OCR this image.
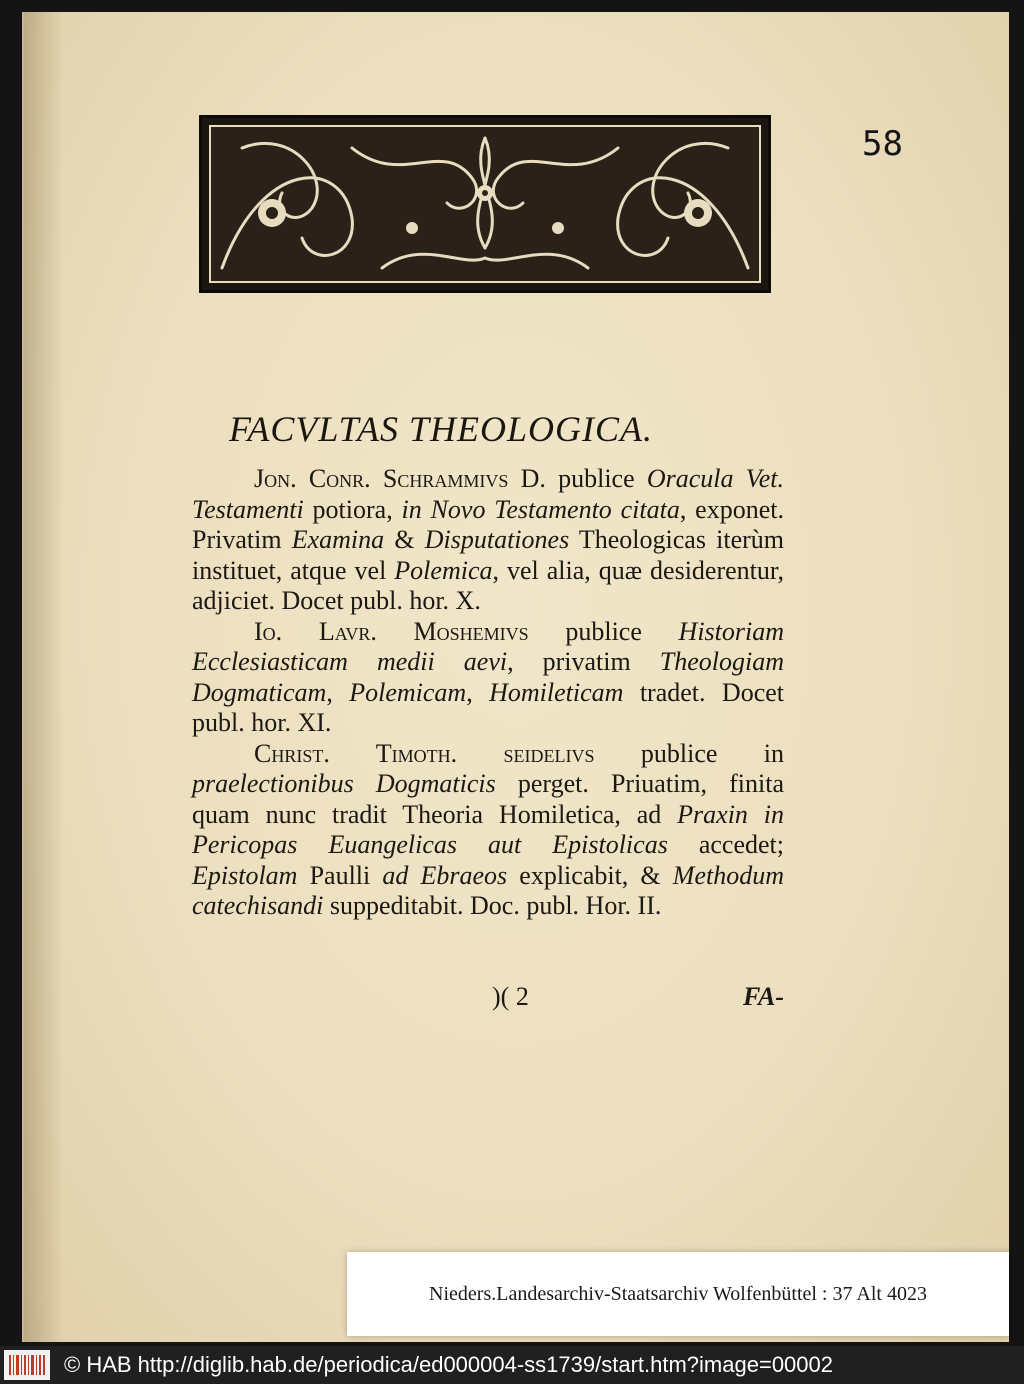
58
FACVLTAS THEOLOGICA.

Jon. Conr. Schrammivs D. publice Oracula Vet. Testamenti potiora, in Novo Testamento citata, exponet. Privatim Examina & Disputationes Theologicas iterùm instituet, atque vel Polemica, vel alia, quæ desiderentur, adjiciet. Docet publ. hor. X.

Io. Lavr. Moshemivs publice Historiam Ecclesiasticam medii aevi, privatim Theologiam Dogmaticam, Polemicam, Homileticam tradet. Docet publ. hor. XI.

Christ. Timoth. seidelivs publice in praelectionibus Dogmaticis perget. Priuatim, finita quam nunc tradit Theoria Homiletica, ad Praxin in Pericopas Euangelicas aut Epistolicas accedet; Epistolam Paulli ad Ebraeos explicabit, & Methodum catechisandi suppeditabit. Doc. publ. Hor. II.

)( 2	FA-
Nieders.Landesarchiv-Staatsarchiv Wolfenbüttel : 37 Alt 4023
© HAB http://diglib.hab.de/periodica/ed000004-ss1739/start.htm?image=00002
